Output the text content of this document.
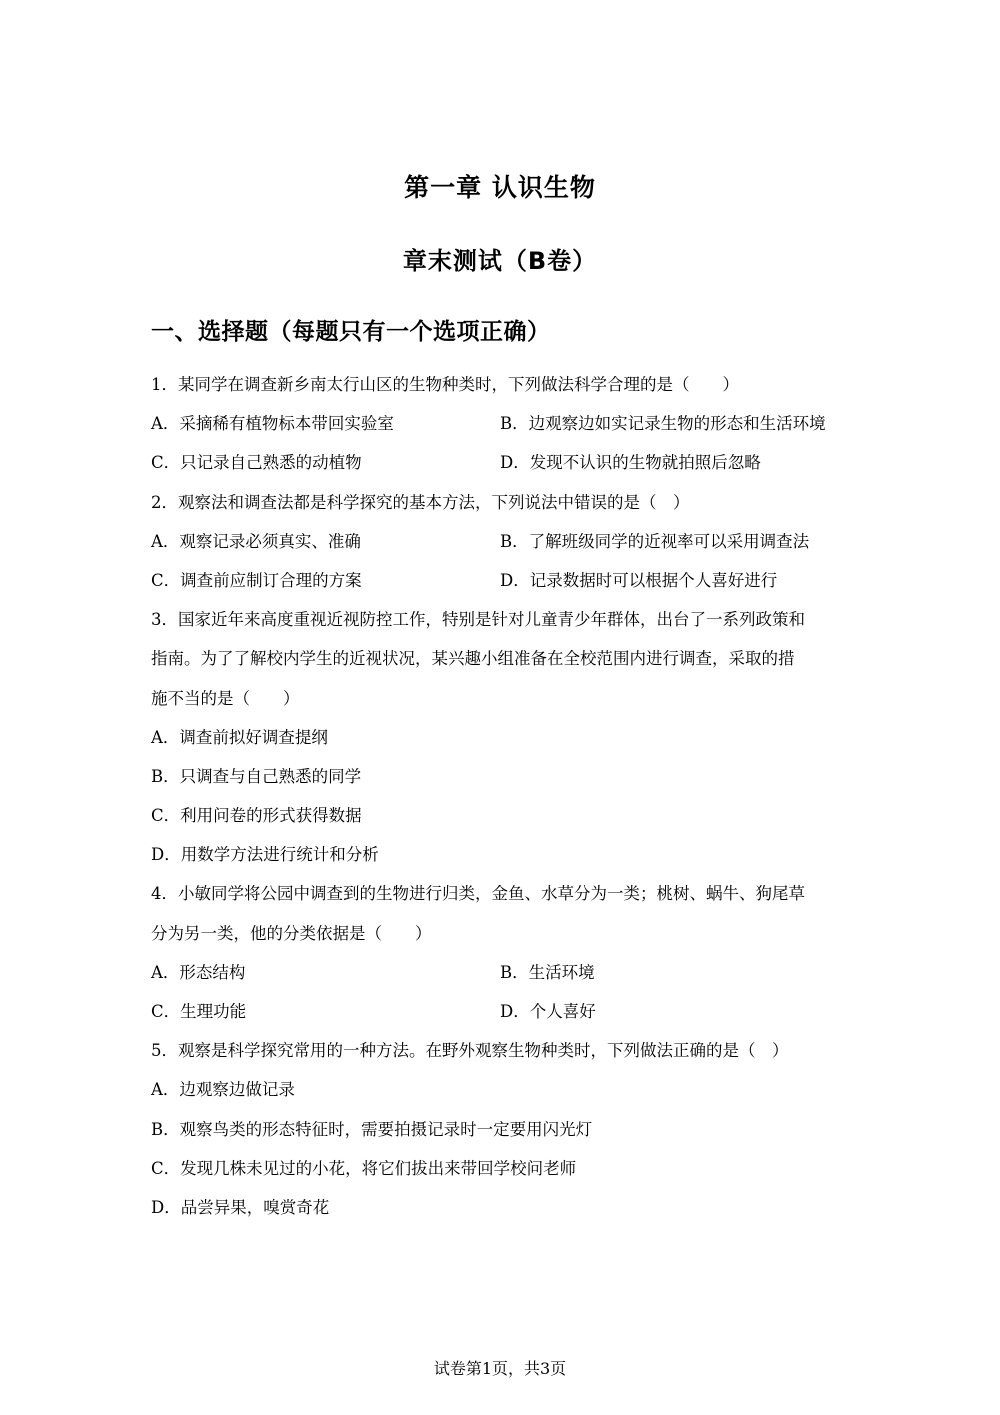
第一章 认识生物
章末测试（B卷）
一、选择题（每题只有一个选项正确）
1．某同学在调查新乡南太行山区的生物种类时，下列做法科学合理的是（　　）
A．采摘稀有植物标本带回实验室	B．边观察边如实记录生物的形态和生活环境
C．只记录自己熟悉的动植物	D．发现不认识的生物就拍照后忽略
2．观察法和调查法都是科学探究的基本方法，下列说法中错误的是（　）
A．观察记录必须真实、准确	B．了解班级同学的近视率可以采用调查法
C．调查前应制订合理的方案	D．记录数据时可以根据个人喜好进行
3．国家近年来高度重视近视防控工作，特别是针对儿童青少年群体，出台了一系列政策和
指南。为了了解校内学生的近视状况，某兴趣小组准备在全校范围内进行调查，采取的措
施不当的是（　　）
A．调查前拟好调查提纲
B．只调查与自己熟悉的同学
C．利用问卷的形式获得数据
D．用数学方法进行统计和分析
4．小敏同学将公园中调查到的生物进行归类，金鱼、水草分为一类；桃树、蜗牛、狗尾草
分为另一类，他的分类依据是（　　）
A．形态结构	B．生活环境
C．生理功能	D．个人喜好
5．观察是科学探究常用的一种方法。在野外观察生物种类时，下列做法正确的是（　）
A．边观察边做记录
B．观察鸟类的形态特征时，需要拍摄记录时一定要用闪光灯
C．发现几株未见过的小花，将它们拔出来带回学校问老师
D．品尝异果，嗅赏奇花
试卷第1页，共3页
